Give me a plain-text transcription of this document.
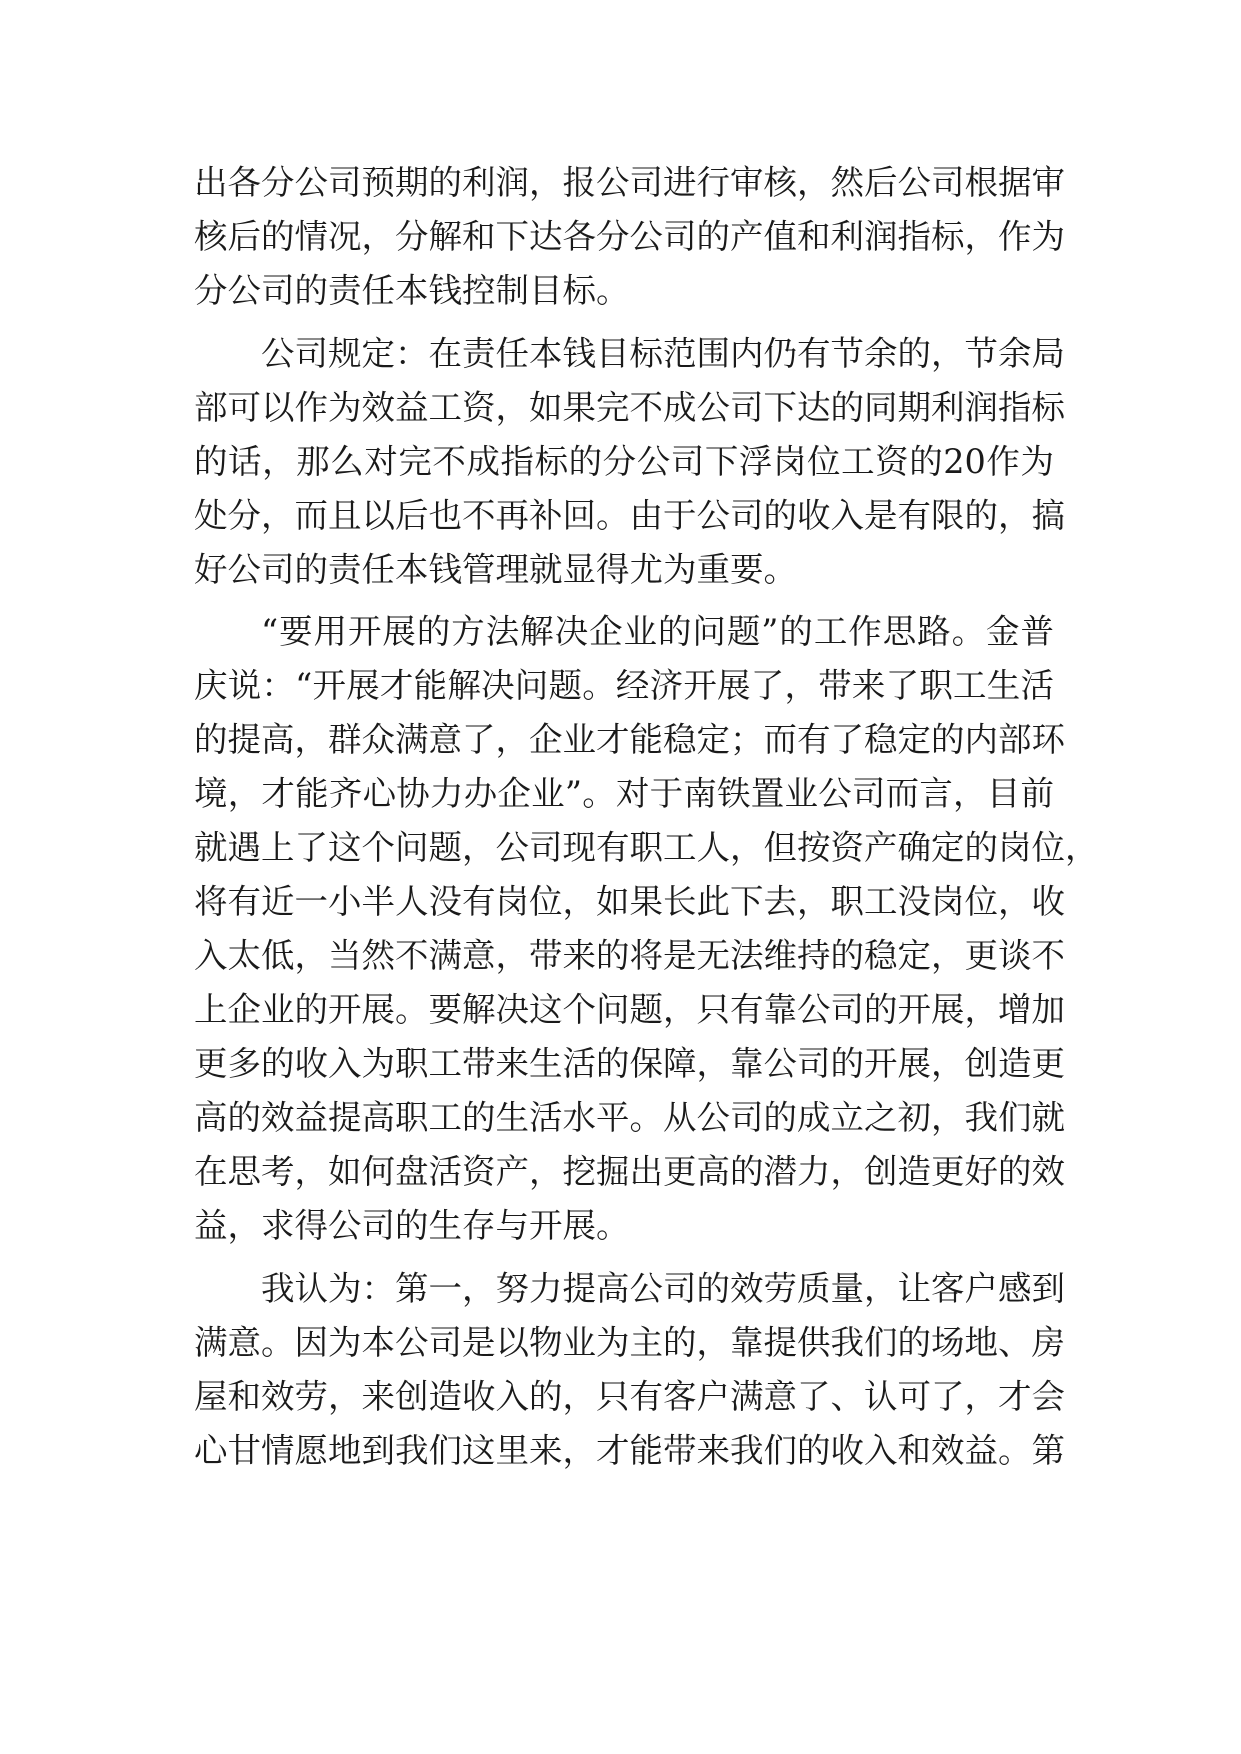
出各分公司预期的利润，报公司进行审核，然后公司根据审
核后的情况，分解和下达各分公司的产值和利润指标，作为
分公司的责任本钱控制目标。
公司规定：在责任本钱目标范围内仍有节余的，节余局
部可以作为效益工资，如果完不成公司下达的同期利润指标
的话，那么对完不成指标的分公司下浮岗位工资的20作为
处分，而且以后也不再补回。由于公司的收入是有限的，搞
好公司的责任本钱管理就显得尤为重要。
“要用开展的方法解决企业的问题”的工作思路。金普
庆说：“开展才能解决问题。经济开展了，带来了职工生活
的提高，群众满意了，企业才能稳定；而有了稳定的内部环
境，才能齐心协力办企业”。对于南铁置业公司而言，目前
就遇上了这个问题，公司现有职工人，但按资产确定的岗位，
将有近一小半人没有岗位，如果长此下去，职工没岗位，收
入太低，当然不满意，带来的将是无法维持的稳定，更谈不
上企业的开展。要解决这个问题，只有靠公司的开展，增加
更多的收入为职工带来生活的保障，靠公司的开展，创造更
高的效益提高职工的生活水平。从公司的成立之初，我们就
在思考，如何盘活资产，挖掘出更高的潜力，创造更好的效
益，求得公司的生存与开展。
我认为：第一，努力提高公司的效劳质量，让客户感到
满意。因为本公司是以物业为主的，靠提供我们的场地、房
屋和效劳，来创造收入的，只有客户满意了、认可了，才会
心甘情愿地到我们这里来，才能带来我们的收入和效益。第
